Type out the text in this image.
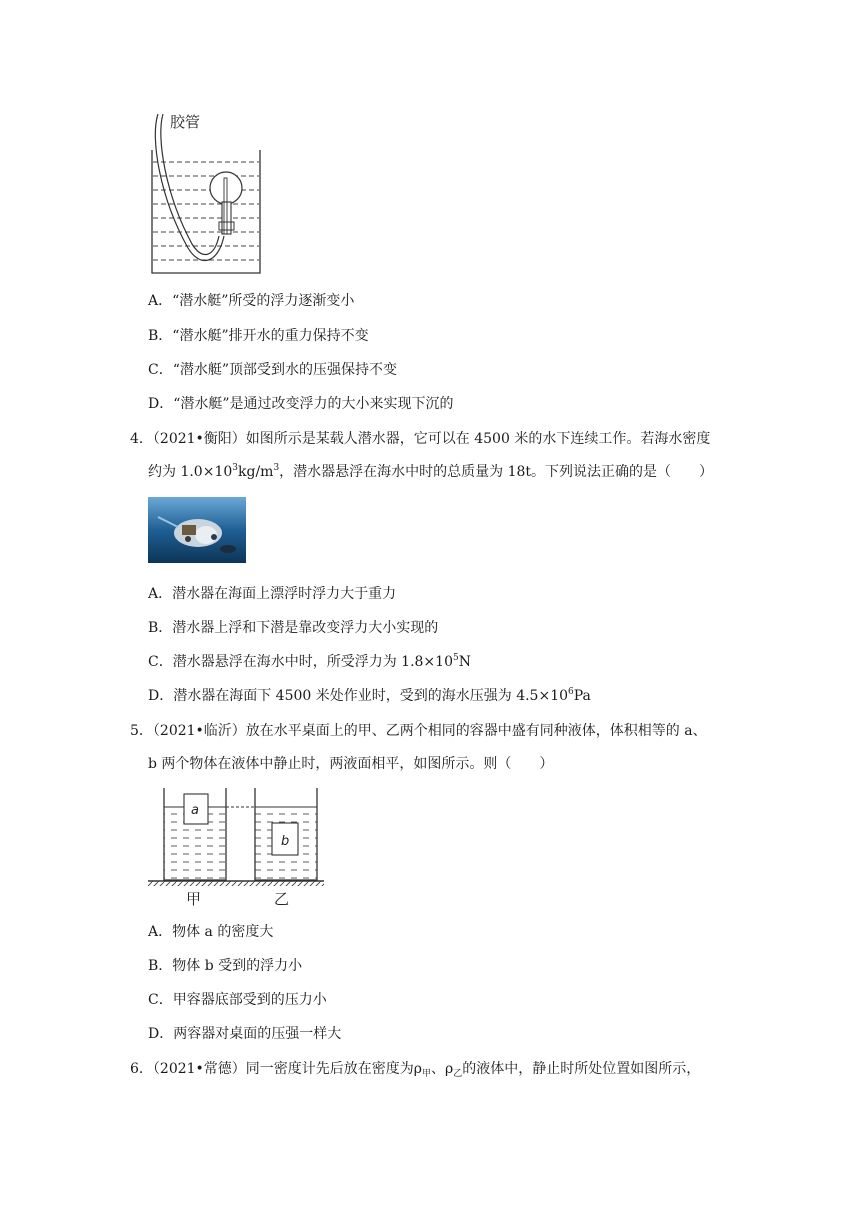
胶管
A．“潜水艇”所受的浮力逐渐变小
B．“潜水艇”排开水的重力保持不变
C．“潜水艇”顶部受到水的压强保持不变
D．“潜水艇”是通过改变浮力的大小来实现下沉的
4．（2021•衡阳）如图所示是某载人潜水器，它可以在 4500 米的水下连续工作。若海水密度
约为 $1.0\times 10^3kg/m^3$，潜水器悬浮在海水中时的总质量为 18t。下列说法正确的是（　　）
A．潜水器在海面上漂浮时浮力大于重力
B．潜水器上浮和下潜是靠改变浮力大小实现的
C．潜水器悬浮在海水中时，所受浮力为 $1.8\times 10^5N$
D．潜水器在海面下 4500 米处作业时，受到的海水压强为 $4.5\times 10^6Pa$
5．（2021•临沂）放在水平桌面上的甲、乙两个相同的容器中盛有同种液体，体积相等的 a、
b 两个物体在液体中静止时，两液面相平，如图所示。则（　　）
a
b
甲	乙
A．物体 a 的密度大
B．物体 b 受到的浮力小
C．甲容器底部受到的压力小
D．两容器对桌面的压强一样大
6．（2021•常德）同一密度计先后放在密度为$\rho_甲$、$\rho_乙$的液体中，静止时所处位置如图所示，
